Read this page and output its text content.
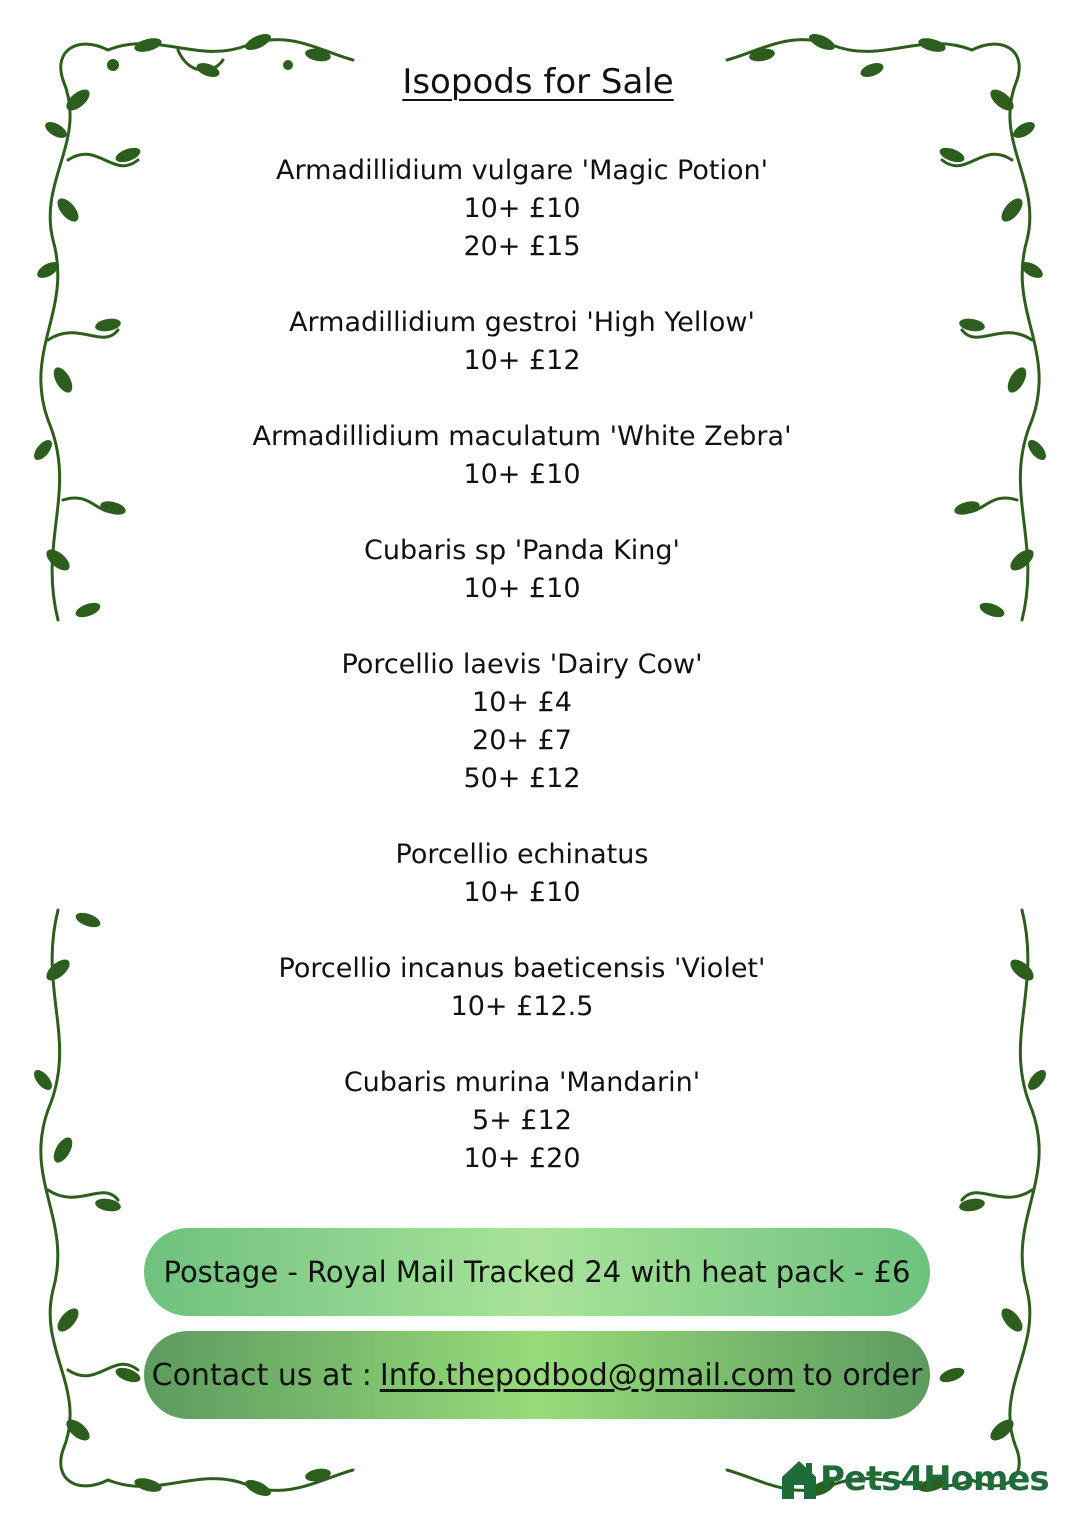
Isopods for Sale
Armadillidium vulgare 'Magic Potion'
10+ £10
20+ £15
Armadillidium gestroi 'High Yellow'
10+ £12
Armadillidium maculatum 'White Zebra'
10+ £10
Cubaris sp 'Panda King'
10+ £10
Porcellio laevis 'Dairy Cow'
10+ £4
20+ £7
50+ £12
Porcellio echinatus
10+ £10
Porcellio incanus baeticensis 'Violet'
10+ £12.5
Cubaris murina 'Mandarin'
5+ £12
10+ £20
Postage - Royal Mail Tracked 24 with heat pack - £6
Contact us at : Info.thepodbod@gmail.com to order
Pets4Homes
